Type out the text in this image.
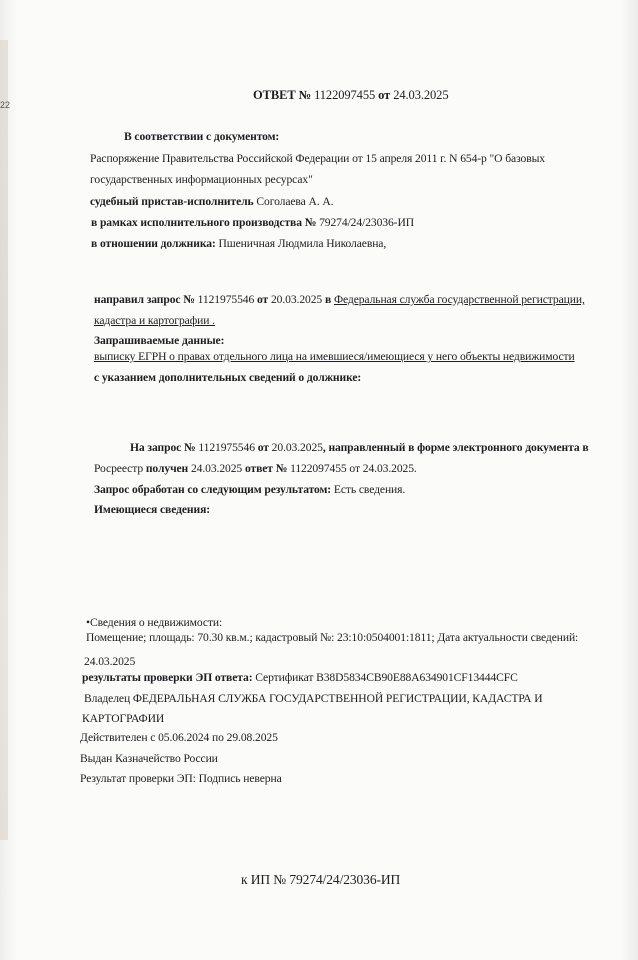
22
ОТВЕТ № 1122097455 от 24.03.2025
В соответствии с документом:
Распоряжение Правительства Российской Федерации от 15 апреля 2011 г. N 654-р "О базовых
государственных информационных ресурсах"
судебный пристав-исполнитель Соголаева А. А.
в рамках исполнительного производства № 79274/24/23036-ИП
в отношении должника: Пшеничная Людмила Николаевна,
направил запрос № 1121975546 от 20.03.2025 в Федеральная служба государственной регистрации,
кадастра и картографии .
Запрашиваемые данные:
выписку ЕГРН о правах отдельного лица на имевшиеся/имеющиеся у него объекты недвижимости
с указанием дополнительных сведений о должнике:
На запрос № 1121975546 от 20.03.2025, направленный в форме электронного документа в
Росреестр получен 24.03.2025 ответ № 1122097455 от 24.03.2025.
Запрос обработан со следующим результатом: Есть сведения.
Имеющиеся сведения:
•Сведения о недвижимости:
Помещение; площадь: 70.30 кв.м.; кадастровый №: 23:10:0504001:1811; Дата актуальности сведений:
24.03.2025
результаты проверки ЭП ответа: Сертификат B38D5834CB90E88A634901CF13444CFC
Владелец ФЕДЕРАЛЬНАЯ СЛУЖБА ГОСУДАРСТВЕННОЙ РЕГИСТРАЦИИ, КАДАСТРА И
КАРТОГРАФИИ
Действителен с 05.06.2024 по 29.08.2025
Выдан Казначейство России
Результат проверки ЭП: Подпись неверна
к ИП № 79274/24/23036-ИП
